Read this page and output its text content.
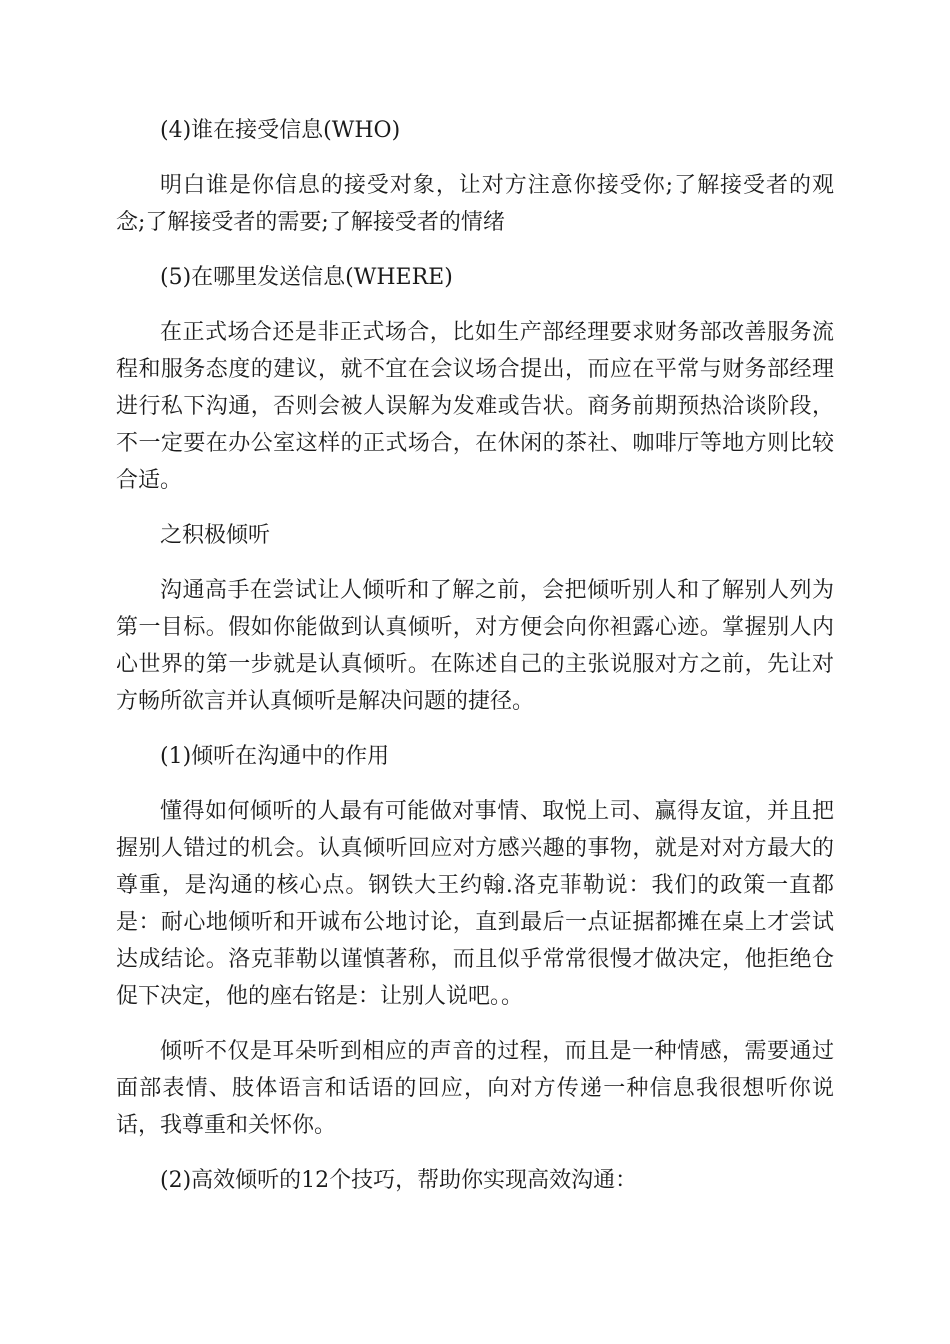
(4)谁在接受信息(WHO)

明白谁是你信息的接受对象，让对方注意你接受你;了解接受者的观念;了解接受者的需要;了解接受者的情绪

(5)在哪里发送信息(WHERE)

在正式场合还是非正式场合，比如生产部经理要求财务部改善服务流程和服务态度的建议，就不宜在会议场合提出，而应在平常与财务部经理进行私下沟通，否则会被人误解为发难或告状。商务前期预热洽谈阶段，不一定要在办公室这样的正式场合，在休闲的茶社、咖啡厅等地方则比较合适。

之积极倾听

沟通高手在尝试让人倾听和了解之前，会把倾听别人和了解别人列为第一目标。假如你能做到认真倾听，对方便会向你袒露心迹。掌握别人内心世界的第一步就是认真倾听。在陈述自己的主张说服对方之前，先让对方畅所欲言并认真倾听是解决问题的捷径。

(1)倾听在沟通中的作用

懂得如何倾听的人最有可能做对事情、取悦上司、赢得友谊，并且把握别人错过的机会。认真倾听回应对方感兴趣的事物，就是对对方最大的尊重，是沟通的核心点。钢铁大王约翰.洛克菲勒说：我们的政策一直都是：耐心地倾听和开诚布公地讨论，直到最后一点证据都摊在桌上才尝试达成结论。洛克菲勒以谨慎著称，而且似乎常常很慢才做决定，他拒绝仓促下决定，他的座右铭是：让别人说吧。。

倾听不仅是耳朵听到相应的声音的过程，而且是一种情感，需要通过面部表情、肢体语言和话语的回应，向对方传递一种信息我很想听你说话，我尊重和关怀你。

(2)高效倾听的12个技巧，帮助你实现高效沟通：
